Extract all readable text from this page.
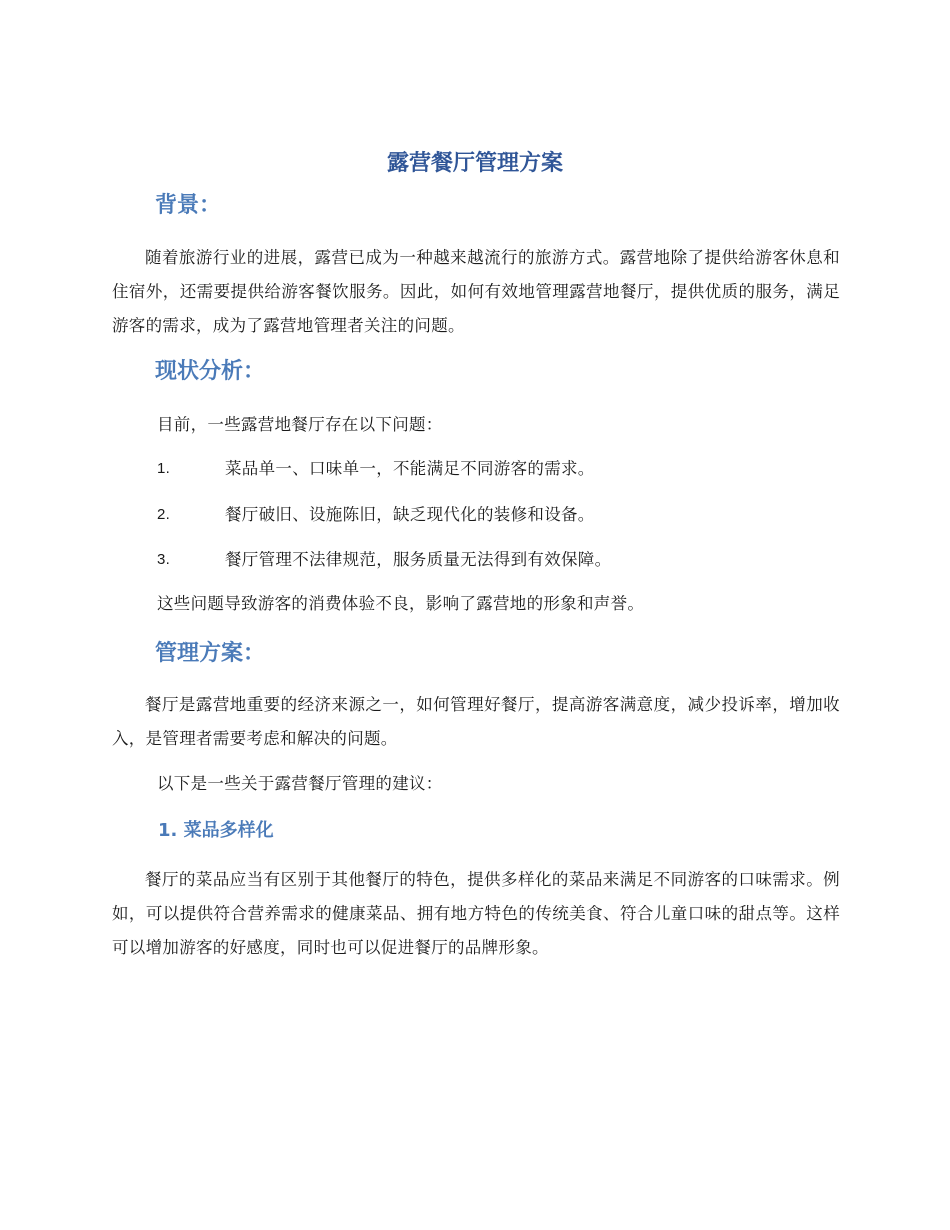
露营餐厅管理方案
背景：

随着旅游行业的进展，露营已成为一种越来越流行的旅游方式。露营地除了提供给游客休息和住宿外，还需要提供给游客餐饮服务。因此，如何有效地管理露营地餐厅，提供优质的服务，满足游客的需求，成为了露营地管理者关注的问题。

现状分析：

目前，一些露营地餐厅存在以下问题：

1.	菜品单一、口味单一，不能满足不同游客的需求。
2.	餐厅破旧、设施陈旧，缺乏现代化的装修和设备。
3.	餐厅管理不法律规范，服务质量无法得到有效保障。

这些问题导致游客的消费体验不良，影响了露营地的形象和声誉。

管理方案：

餐厅是露营地重要的经济来源之一，如何管理好餐厅，提高游客满意度，减少投诉率，增加收入，是管理者需要考虑和解决的问题。

以下是一些关于露营餐厅管理的建议：

1. 菜品多样化

餐厅的菜品应当有区别于其他餐厅的特色，提供多样化的菜品来满足不同游客的口味需求。例如，可以提供符合营养需求的健康菜品、拥有地方特色的传统美食、符合儿童口味的甜点等。这样可以增加游客的好感度，同时也可以促进餐厅的品牌形象。
